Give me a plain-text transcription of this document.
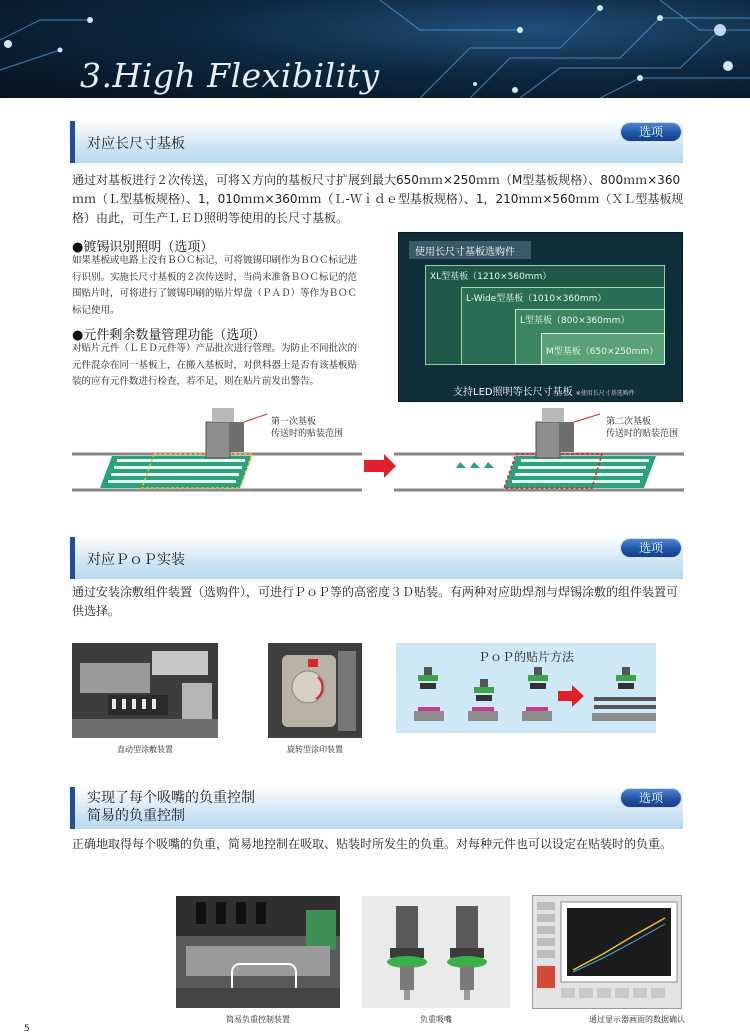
3.High Flexibility
对应长尺寸基板
选项
通过对基板进行２次传送，可将Ｘ方向的基板尺寸扩展到最大650ｍｍ×250ｍｍ（M型基板规格）、800ｍｍ×360ｍｍ（Ｌ型基板规格）、1，010ｍｍ×360ｍｍ（Ｌ-Ｗｉｄｅ型基板规格）、1，210ｍｍ×560ｍｍ（ＸＬ型基板规格）由此，可生产ＬＥＤ照明等使用的长尺寸基板。
●镀锡识别照明（选项）
如果基板或电路上没有ＢＯＣ标记，可将镀锡印刷作为ＢＯＣ标记进行识别。实施长尺寸基板的２次传送时，当尚未准备ＢＯＣ标记的范围贴片时，可将进行了镀锡印刷的贴片焊盘（ＰＡＤ）等作为ＢＯＣ标记使用。
●元件剩余数量管理功能（选项）
对贴片元件（ＬＥＤ元件等）产品批次进行管理。为防止不同批次的元件混杂在同一基板上，在搬入基板时，对供料器上是否有该基板贴装的应有元件数进行检查，若不足，则在贴片前发出警告。
使用长尺寸基板选购件
XL型基板（1210×560mm）
L-Wide型基板（1010×360mm）
L型基板（800×360mm）
M型基板（650×250mm）
支持LED照明等长尺寸基板 ※使用长尺寸基选购件
第一次基板
传送时的贴装范围
第二次基板
传送时的贴装范围
对应ＰｏＰ实装
选项
通过安装涂敷组件装置（选购件），可进行ＰｏＰ等的高密度３Ｄ贴装。有两种对应助焊剂与焊锡涂敷的组件装置可供选择。
直动型涂敷装置	旋转型涂印装置
ＰｏＰ的贴片方法
实现了每个吸嘴的负重控制
简易的负重控制
选项
正确地取得每个吸嘴的负重，简易地控制在吸取、贴装时所发生的负重。对每种元件也可以设定在贴装时的负重。
简易负重控制装置	负重吸嘴	通过显示器画面的数据确认
5
